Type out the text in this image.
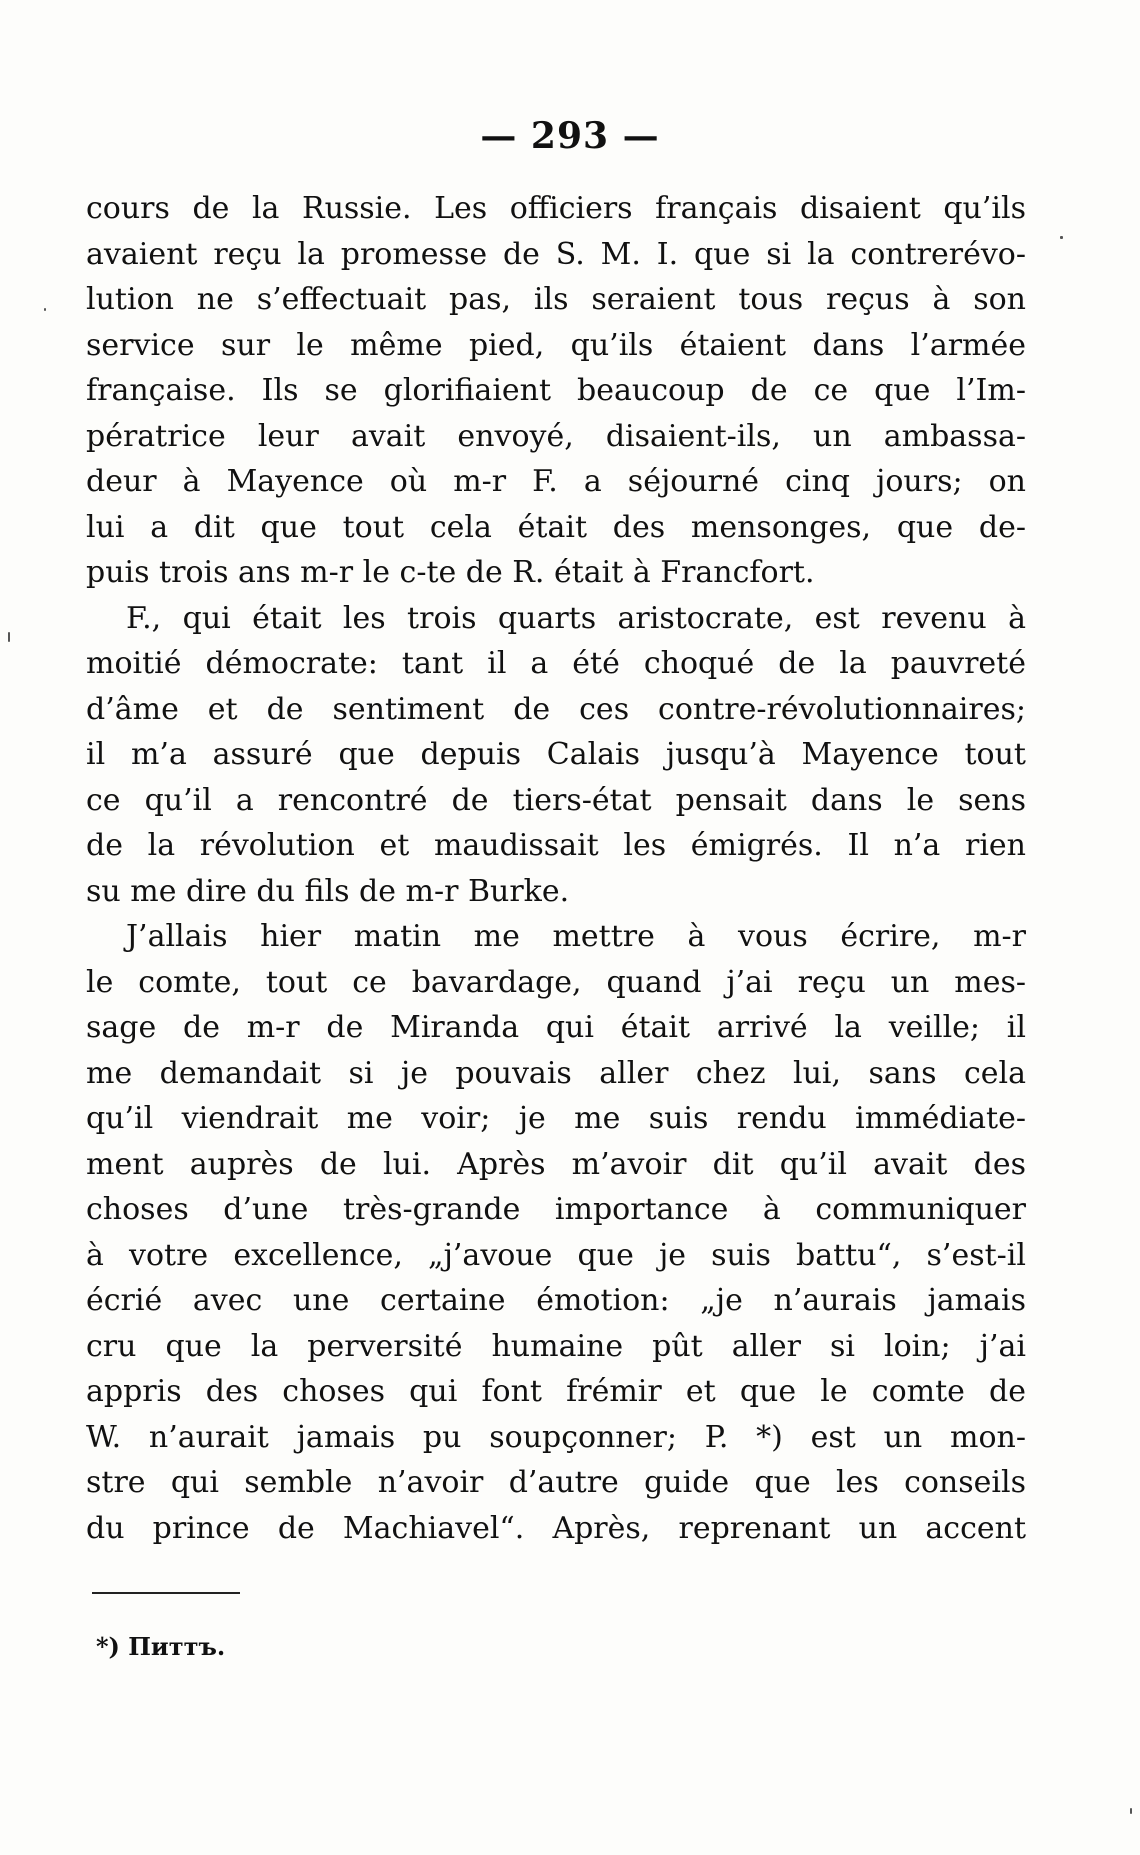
— 293 —
cours de la Russie. Les officiers français disaient qu’ils
avaient reçu la promesse de S. M. I. que si la contrerévo-
lution ne s’effectuait pas, ils seraient tous reçus à son
service sur le même pied, qu’ils étaient dans l’armée
française. Ils se glorifiaient beaucoup de ce que l’Im-
pératrice leur avait envoyé, disaient-ils, un ambassa-
deur à Mayence où m-r F. a séjourné cinq jours; on
lui a dit que tout cela était des mensonges, que de-
puis trois ans m-r le c-te de R. était à Francfort.
F., qui était les trois quarts aristocrate, est revenu à
moitié démocrate: tant il a été choqué de la pauvreté
d’âme et de sentiment de ces contre-révolutionnaires;
il m’a assuré que depuis Calais jusqu’à Mayence tout
ce qu’il a rencontré de tiers-état pensait dans le sens
de la révolution et maudissait les émigrés. Il n’a rien
su me dire du fils de m-r Burke.
J’allais hier matin me mettre à vous écrire, m-r
le comte, tout ce bavardage, quand j’ai reçu un mes-
sage de m-r de Miranda qui était arrivé la veille; il
me demandait si je pouvais aller chez lui, sans cela
qu’il viendrait me voir; je me suis rendu immédiate-
ment auprès de lui. Après m’avoir dit qu’il avait des
choses d’une très-grande importance à communiquer
à votre excellence, „j’avoue que je suis battu“, s’est-il
écrié avec une certaine émotion: „je n’aurais jamais
cru que la perversité humaine pût aller si loin; j’ai
appris des choses qui font frémir et que le comte de
W. n’aurait jamais pu soupçonner; P. *) est un mon-
stre qui semble n’avoir d’autre guide que les conseils
du prince de Machiavel“. Après, reprenant un accent
*) Питтъ.
